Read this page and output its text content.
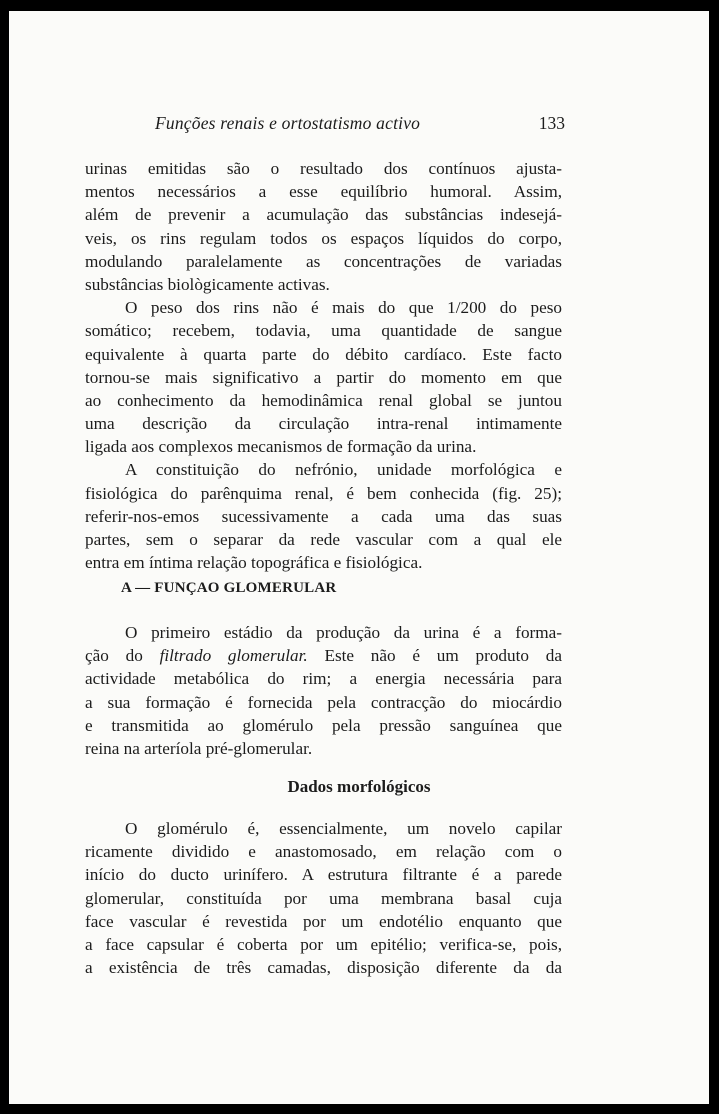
Funções renais e ortostatismo activo	133
urinas emitidas são o resultado dos contínuos ajusta-
mentos necessários a esse equilíbrio humoral. Assim,
além de prevenir a acumulação das substâncias indesejá-
veis, os rins regulam todos os espaços líquidos do corpo,
modulando paralelamente as concentrações de variadas
substâncias biològicamente activas.
O peso dos rins não é mais do que 1/200 do peso
somático; recebem, todavia, uma quantidade de sangue
equivalente à quarta parte do débito cardíaco. Este facto
tornou-se mais significativo a partir do momento em que
ao conhecimento da hemodinâmica renal global se juntou
uma descrição da circulação intra-renal intimamente
ligada aos complexos mecanismos de formação da urina.
A constituição do nefrónio, unidade morfológica e
fisiológica do parênquima renal, é bem conhecida (fig. 25);
referir-nos-emos sucessivamente a cada uma das suas
partes, sem o separar da rede vascular com a qual ele
entra em íntima relação topográfica e fisiológica.
A — FUNÇAO GLOMERULAR
O primeiro estádio da produção da urina é a forma-
ção do filtrado glomerular. Este não é um produto da
actividade metabólica do rim; a energia necessária para
a sua formação é fornecida pela contracção do miocárdio
e transmitida ao glomérulo pela pressão sanguínea que
reina na arteríola pré-glomerular.
Dados morfológicos
O glomérulo é, essencialmente, um novelo capilar
ricamente dividido e anastomosado, em relação com o
início do ducto urinífero. A estrutura filtrante é a parede
glomerular, constituída por uma membrana basal cuja
face vascular é revestida por um endotélio enquanto que
a face capsular é coberta por um epitélio; verifica-se, pois,
a existência de três camadas, disposição diferente da da
